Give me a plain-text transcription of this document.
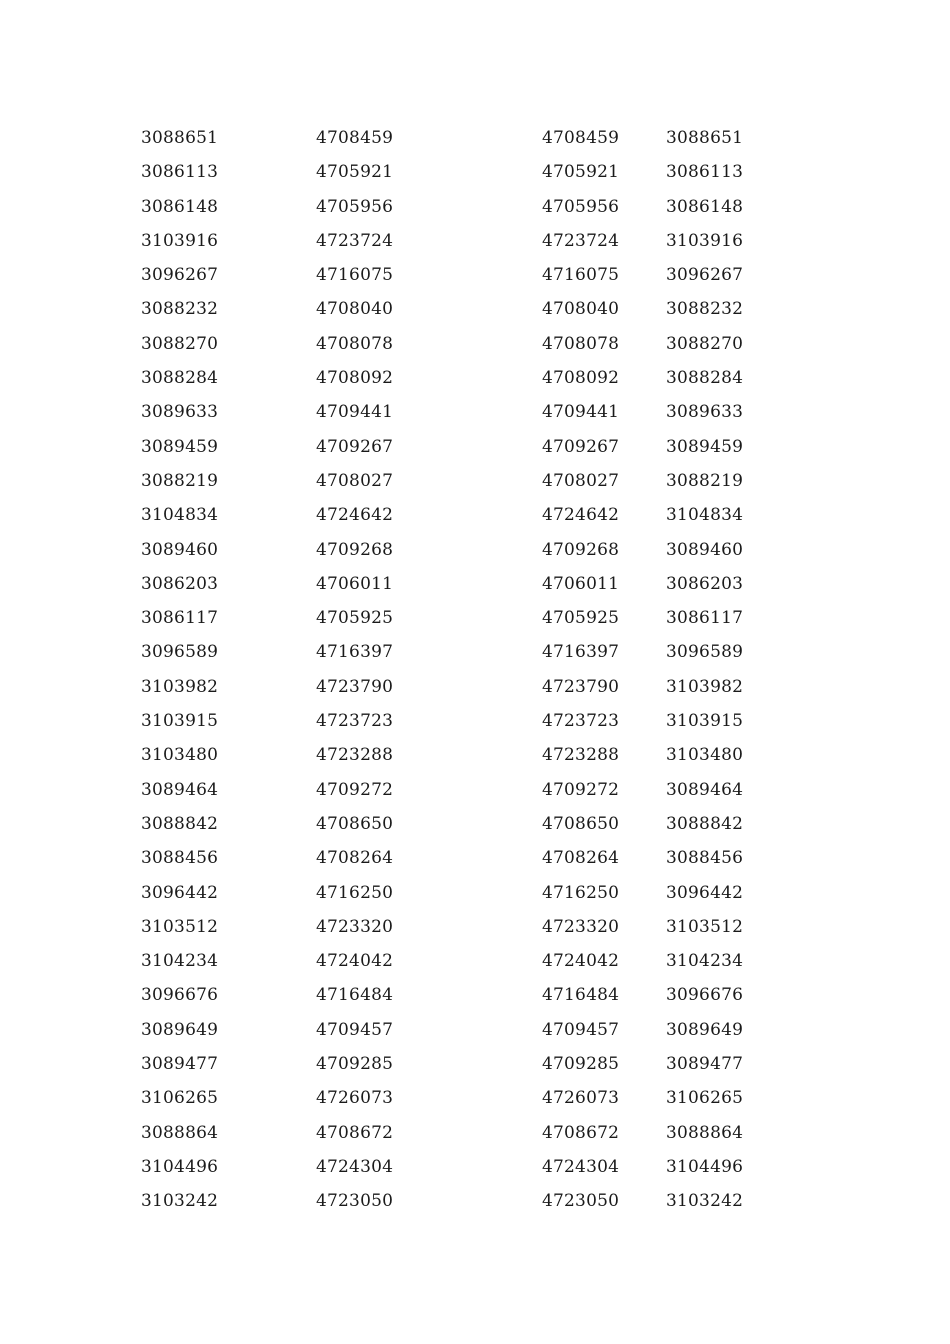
	3088651	4708459	4708459	3088651	
	3086113	4705921	4705921	3086113	
	3086148	4705956	4705956	3086148	
	3103916	4723724	4723724	3103916	
	3096267	4716075	4716075	3096267	
	3088232	4708040	4708040	3088232	
	3088270	4708078	4708078	3088270	
	3088284	4708092	4708092	3088284	
	3089633	4709441	4709441	3089633	
	3089459	4709267	4709267	3089459	
	3088219	4708027	4708027	3088219	
	3104834	4724642	4724642	3104834	
	3089460	4709268	4709268	3089460	
	3086203	4706011	4706011	3086203	
	3086117	4705925	4705925	3086117	
	3096589	4716397	4716397	3096589	
	3103982	4723790	4723790	3103982	
	3103915	4723723	4723723	3103915	
	3103480	4723288	4723288	3103480	
	3089464	4709272	4709272	3089464	
	3088842	4708650	4708650	3088842	
	3088456	4708264	4708264	3088456	
	3096442	4716250	4716250	3096442	
	3103512	4723320	4723320	3103512	
	3104234	4724042	4724042	3104234	
	3096676	4716484	4716484	3096676	
	3089649	4709457	4709457	3089649	
	3089477	4709285	4709285	3089477	
	3106265	4726073	4726073	3106265	
	3088864	4708672	4708672	3088864	
	3104496	4724304	4724304	3104496	
	3103242	4723050	4723050	3103242	
